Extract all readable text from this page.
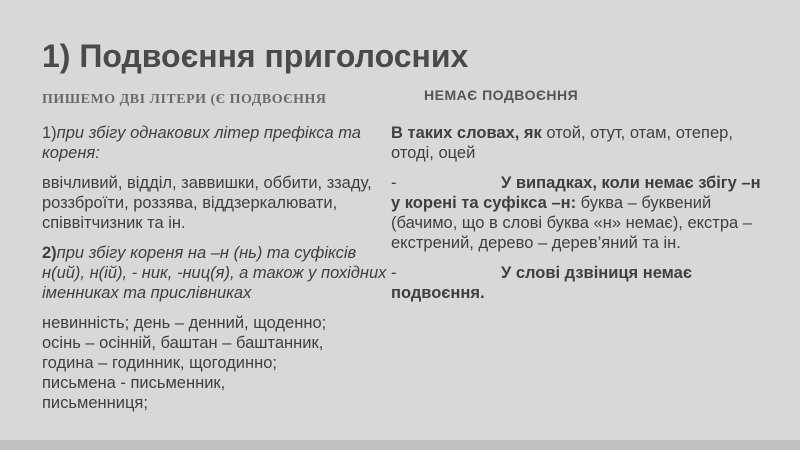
1) Подвоєння приголосних
ПИШЕМО ДВІ ЛІТЕРИ (Є ПОДВОЄННЯ	НЕМАЄ ПОДВОЄННЯ

1)при збігу однакових літер префікса та кореня:

ввічливий, відділ, заввишки, оббити, ззаду, роззброїти, роззява, віддзеркалювати, співвітчизник та ін.

2)при збігу кореня на –н (нь) та суфіксів н(ий), н(ій), - ник, -ниц(я), а також у похідних іменниках та прислівниках

невинність; день – денний, щоденно;
осінь – осінній, баштан – баштанник,
година – годинник, щогодинно;
письмена - письменник,
письменниця;

В таких словах, як отой, отут, отам, отепер, отоді, оцей

-	У випадках, коли немає збігу –н у корені та суфікса –н: буква – буквений (бачимо, що в слові буква «н» немає), екстра – екстрений, дерево – дерев’яний та ін.

-	У слові дзвіниця немає подвоєння.
